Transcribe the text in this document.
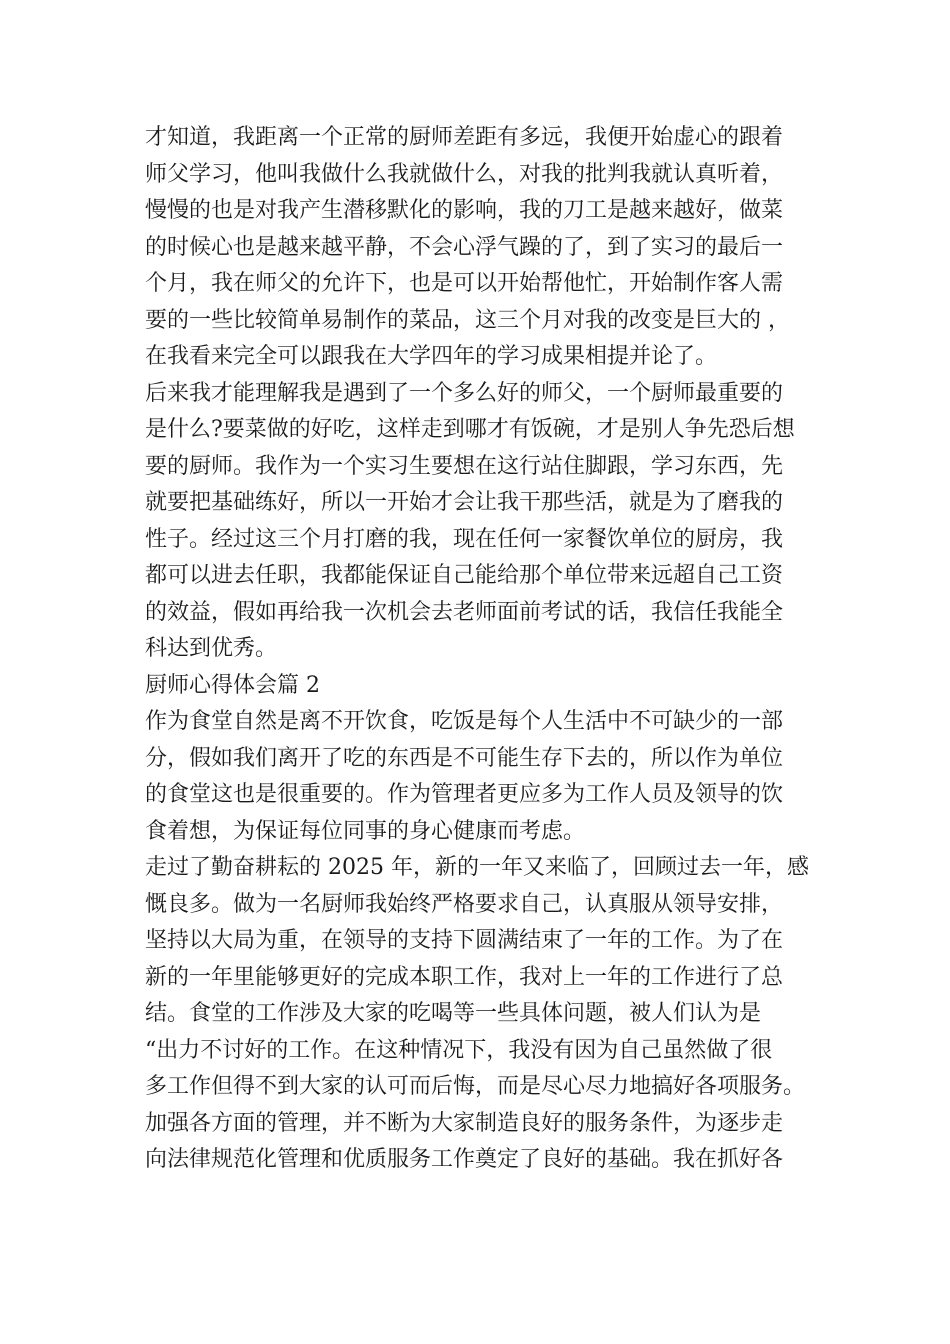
才知道，我距离一个正常的厨师差距有多远，我便开始虚心的跟着
师父学习，他叫我做什么我就做什么，对我的批判我就认真听着，
慢慢的也是对我产生潜移默化的影响，我的刀工是越来越好，做菜
的时候心也是越来越平静，不会心浮气躁的了，到了实习的最后一
个月，我在师父的允许下，也是可以开始帮他忙，开始制作客人需
要的一些比较简单易制作的菜品，这三个月对我的改变是巨大的 ，
在我看来完全可以跟我在大学四年的学习成果相提并论了。
后来我才能理解我是遇到了一个多么好的师父，一个厨师最重要的
是什么?要菜做的好吃，这样走到哪才有饭碗，才是别人争先恐后想
要的厨师。我作为一个实习生要想在这行站住脚跟，学习东西，先
就要把基础练好，所以一开始才会让我干那些活，就是为了磨我的
性子。经过这三个月打磨的我，现在任何一家餐饮单位的厨房，我
都可以进去任职，我都能保证自己能给那个单位带来远超自己工资
的效益，假如再给我一次机会去老师面前考试的话，我信任我能全
科达到优秀。
厨师心得体会篇 2
作为食堂自然是离不开饮食，吃饭是每个人生活中不可缺少的一部
分，假如我们离开了吃的东西是不可能生存下去的，所以作为单位
的食堂这也是很重要的。作为管理者更应多为工作人员及领导的饮
食着想，为保证每位同事的身心健康而考虑。
走过了勤奋耕耘的 2025 年，新的一年又来临了，回顾过去一年，感
慨良多。做为一名厨师我始终严格要求自己，认真服从领导安排，
坚持以大局为重，在领导的支持下圆满结束了一年的工作。为了在
新的一年里能够更好的完成本职工作，我对上一年的工作进行了总
结。食堂的工作涉及大家的吃喝等一些具体问题，被人们认为是
“出力不讨好的工作。在这种情况下，我没有因为自己虽然做了很
多工作但得不到大家的认可而后悔，而是尽心尽力地搞好各项服务。
加强各方面的管理，并不断为大家制造良好的服务条件，为逐步走
向法律规范化管理和优质服务工作奠定了良好的基础。我在抓好各
